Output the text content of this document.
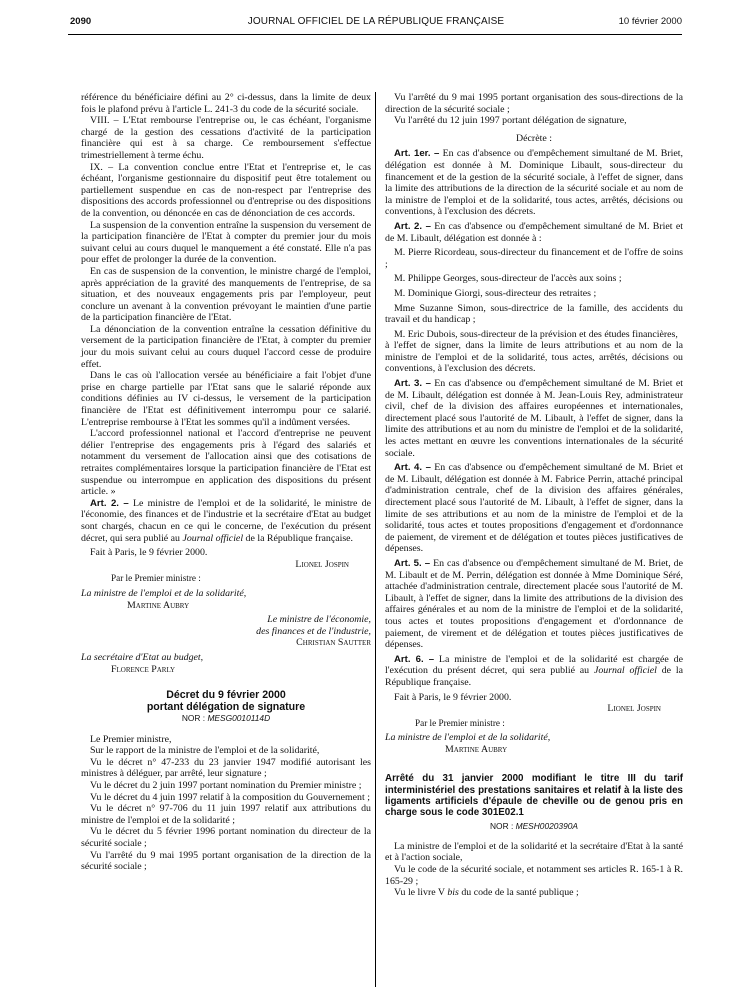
2090	JOURNAL OFFICIEL DE LA RÉPUBLIQUE FRANÇAISE	10 février 2000

référence du bénéficiaire défini au 2° ci-dessus, dans la limite de deux fois le plafond prévu à l'article L. 241-3 du code de la sécurité sociale.

VIII. – L'Etat rembourse l'entreprise ou, le cas échéant, l'organisme chargé de la gestion des cessations d'activité de la participation financière qui est à sa charge. Ce remboursement s'effectue trimestriellement à terme échu.

IX. – La convention conclue entre l'Etat et l'entreprise et, le cas échéant, l'organisme gestionnaire du dispositif peut être totalement ou partiellement suspendue en cas de non-respect par l'entreprise des dispositions des accords professionnel ou d'entreprise ou des dispositions de la convention, ou dénoncée en cas de dénonciation de ces accords.

La suspension de la convention entraîne la suspension du versement de la participation financière de l'Etat à compter du premier jour du mois suivant celui au cours duquel le manquement a été constaté. Elle n'a pas pour effet de prolonger la durée de la convention.

En cas de suspension de la convention, le ministre chargé de l'emploi, après appréciation de la gravité des manquements de l'entreprise, de sa situation, et des nouveaux engagements pris par l'employeur, peut conclure un avenant à la convention prévoyant le maintien d'une partie de la participation financière de l'Etat.

La dénonciation de la convention entraîne la cessation définitive du versement de la participation financière de l'Etat, à compter du premier jour du mois suivant celui au cours duquel l'accord cesse de produire effet.

Dans le cas où l'allocation versée au bénéficiaire a fait l'objet d'une prise en charge partielle par l'Etat sans que le salarié réponde aux conditions définies au IV ci-dessus, le versement de la participation financière de l'Etat est définitivement interrompu pour ce salarié. L'entreprise rembourse à l'Etat les sommes qu'il a indûment versées.

L'accord professionnel national et l'accord d'entreprise ne peuvent délier l'entreprise des engagements pris à l'égard des salariés et notamment du versement de l'allocation ainsi que des cotisations de retraites complémentaires lorsque la participation financière de l'Etat est suspendue ou interrompue en application des dispositions du présent article. »

Art. 2. – Le ministre de l'emploi et de la solidarité, le ministre de l'économie, des finances et de l'industrie et la secrétaire d'Etat au budget sont chargés, chacun en ce qui le concerne, de l'exécution du présent décret, qui sera publié au Journal officiel de la République française.

Fait à Paris, le 9 février 2000.

Lionel Jospin
Par le Premier ministre :
La ministre de l'emploi et de la solidarité,
Martine Aubry
Le ministre de l'économie,
des finances et de l'industrie,
Christian Sautter
La secrétaire d'Etat au budget,
Florence Parly
Décret du 9 février 2000
portant délégation de signature
NOR : MESG0010114D

Le Premier ministre,

Sur le rapport de la ministre de l'emploi et de la solidarité,

Vu le décret n° 47-233 du 23 janvier 1947 modifié autorisant les ministres à déléguer, par arrêté, leur signature ;

Vu le décret du 2 juin 1997 portant nomination du Premier ministre ;

Vu le décret du 4 juin 1997 relatif à la composition du Gouvernement ;

Vu le décret n° 97-706 du 11 juin 1997 relatif aux attributions du ministre de l'emploi et de la solidarité ;

Vu le décret du 5 février 1996 portant nomination du directeur de la sécurité sociale ;

Vu l'arrêté du 9 mai 1995 portant organisation de la direction de la sécurité sociale ;

Vu l'arrêté du 9 mai 1995 portant organisation des sous-directions de la direction de la sécurité sociale ;

Vu l'arrêté du 12 juin 1997 portant délégation de signature,

Décrète :

Art. 1er. – En cas d'absence ou d'empêchement simultané de M. Briet, délégation est donnée à M. Dominique Libault, sous-directeur du financement et de la gestion de la sécurité sociale, à l'effet de signer, dans la limite des attributions de la direction de la sécurité sociale et au nom de la ministre de l'emploi et de la solidarité, tous actes, arrêtés, décisions ou conventions, à l'exclusion des décrets.

Art. 2. – En cas d'absence ou d'empêchement simultané de M. Briet et de M. Libault, délégation est donnée à :

M. Pierre Ricordeau, sous-directeur du financement et de l'offre de soins ;

M. Philippe Georges, sous-directeur de l'accès aux soins ;

M. Dominique Giorgi, sous-directeur des retraites ;

Mme Suzanne Simon, sous-directrice de la famille, des accidents du travail et du handicap ;

M. Eric Dubois, sous-directeur de la prévision et des études financières,

à l'effet de signer, dans la limite de leurs attributions et au nom de la ministre de l'emploi et de la solidarité, tous actes, arrêtés, décisions ou conventions, à l'exclusion des décrets.

Art. 3. – En cas d'absence ou d'empêchement simultané de M. Briet et de M. Libault, délégation est donnée à M. Jean-Louis Rey, administrateur civil, chef de la division des affaires européennes et internationales, directement placé sous l'autorité de M. Libault, à l'effet de signer, dans la limite des attributions et au nom du ministre de l'emploi et de la solidarité, les actes mettant en œuvre les conventions internationales de la sécurité sociale.

Art. 4. – En cas d'absence ou d'empêchement simultané de M. Briet et de M. Libault, délégation est donnée à M. Fabrice Perrin, attaché principal d'administration centrale, chef de la division des affaires générales, directement placé sous l'autorité de M. Libault, à l'effet de signer, dans la limite de ses attributions et au nom de la ministre de l'emploi et de la solidarité, tous actes et toutes propositions d'engagement et d'ordonnance de paiement, de virement et de délégation et toutes pièces justificatives de dépenses.

Art. 5. – En cas d'absence ou d'empêchement simultané de M. Briet, de M. Libault et de M. Perrin, délégation est donnée à Mme Dominique Séré, attachée d'administration centrale, directement placée sous l'autorité de M. Libault, à l'effet de signer, dans la limite des attributions de la division des affaires générales et au nom de la ministre de l'emploi et de la solidarité, tous actes et toutes propositions d'engagement et d'ordonnance de paiement, de virement et de délégation et toutes pièces justificatives de dépenses.

Art. 6. – La ministre de l'emploi et de la solidarité est chargée de l'exécution du présent décret, qui sera publié au Journal officiel de la République française.

Fait à Paris, le 9 février 2000.

Lionel Jospin
Par le Premier ministre :
La ministre de l'emploi et de la solidarité,
Martine Aubry
Arrêté du 31 janvier 2000 modifiant le titre III du tarif interministériel des prestations sanitaires et relatif à la liste des ligaments artificiels d'épaule de cheville ou de genou pris en charge sous le code 301E02.1
NOR : MESH0020390A

La ministre de l'emploi et de la solidarité et la secrétaire d'Etat à la santé et à l'action sociale,

Vu le code de la sécurité sociale, et notamment ses articles R. 165-1 à R. 165-29 ;

Vu le livre V bis du code de la santé publique ;
